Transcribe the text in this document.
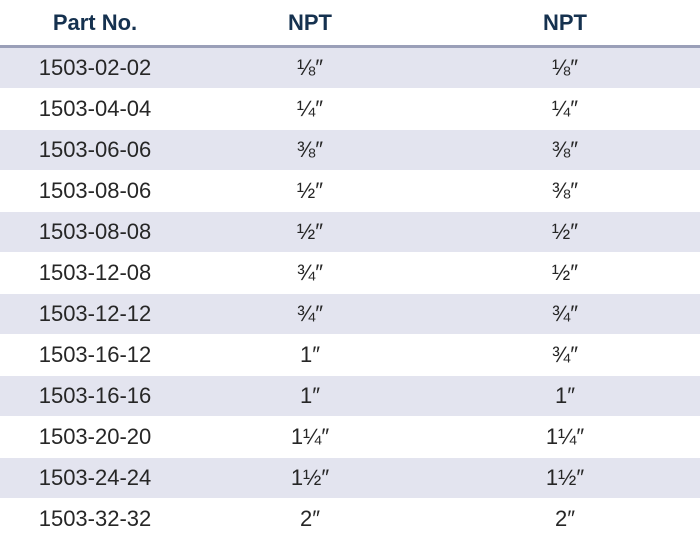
Part No.	NPT	NPT
1503-02-02	⅛″	⅛″
1503-04-04	¼″	¼″
1503-06-06	⅜″	⅜″
1503-08-06	½″	⅜″
1503-08-08	½″	½″
1503-12-08	¾″	½″
1503-12-12	¾″	¾″
1503-16-12	1″	¾″
1503-16-16	1″	1″
1503-20-20	1¼″	1¼″
1503-24-24	1½″	1½″
1503-32-32	2″	2″
